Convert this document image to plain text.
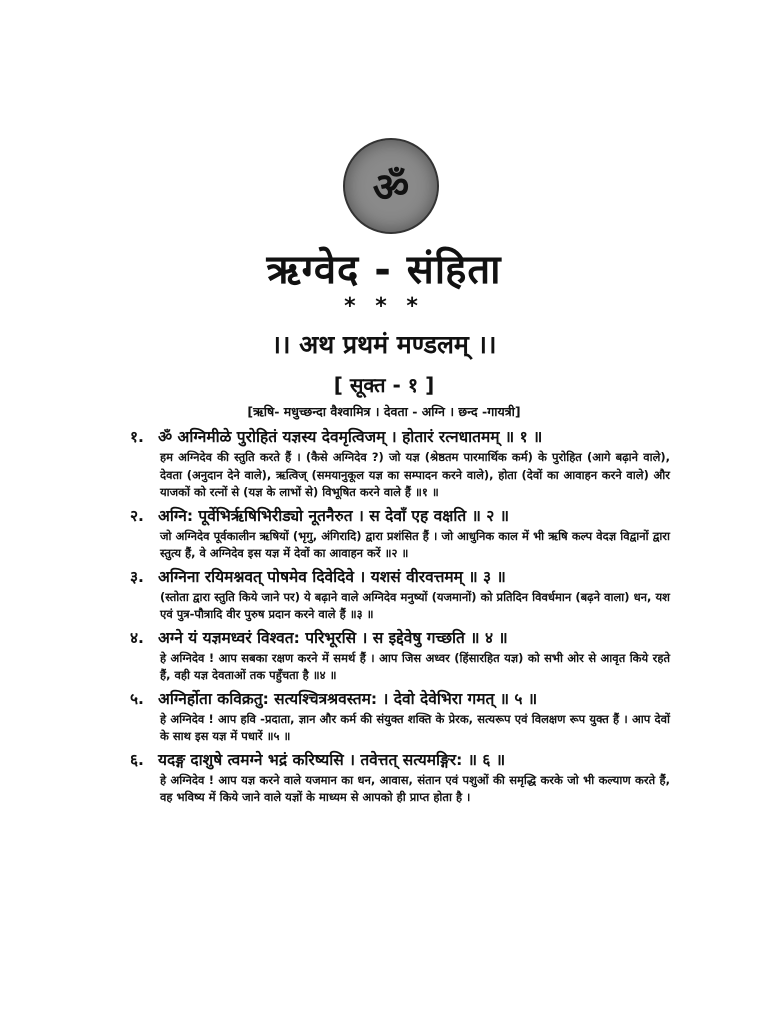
ॐ
ऋग्वेद - संहिता
* * *
।। अथ प्रथमं मण्डलम् ।।
[ सूक्त - १ ]
[ऋषि- मधुच्छन्दा वैश्वामित्र । देवता - अग्नि । छन्द -गायत्री]
१. ॐ अग्निमीळे पुरोहितं यज्ञस्य देवमृत्विजम् । होतारं रत्नधातमम् ॥ १ ॥

हम अग्निदेव की स्तुति करते हैं । (कैसे अग्निदेव ?) जो यज्ञ (श्रेष्ठतम पारमार्थिक कर्म) के पुरोहित (आगे बढ़ाने वाले), देवता (अनुदान देने वाले), ऋत्विज् (समयानुकूल यज्ञ का सम्पादन करने वाले), होता (देवों का आवाहन करने वाले) और याजकों को रत्नों से (यज्ञ के लाभों से) विभूषित करने वाले हैं ॥१ ॥

२. अग्नि: पूर्वेभिर्ऋषिभिरीड्यो नूतनैरुत । स देवाँ एह वक्षति ॥ २ ॥

जो अग्निदेव पूर्वकालीन ऋषियों (भृगु, अंगिरादि) द्वारा प्रशंसित हैं । जो आधुनिक काल में भी ऋषि कल्प वेदज्ञ विद्वानों द्वारा स्तुत्य हैं, वे अग्निदेव इस यज्ञ में देवों का आवाहन करें ॥२ ॥

३. अग्निना रयिमश्नवत् पोषमेव दिवेदिवे । यशसं वीरवत्तमम् ॥ ३ ॥

(स्तोता द्वारा स्तुति किये जाने पर) ये बढ़ाने वाले अग्निदेव मनुष्यों (यजमानों) को प्रतिदिन विवर्धमान (बढ़ने वाला) धन, यश एवं पुत्र-पौत्रादि वीर पुरुष प्रदान करने वाले हैं ॥३ ॥

४. अग्ने यं यज्ञमध्वरं विश्वत: परिभूरसि । स इद्देवेषु गच्छति ॥ ४ ॥

हे अग्निदेव ! आप सबका रक्षण करने में समर्थ हैं । आप जिस अध्वर (हिंसारहित यज्ञ) को सभी ओर से आवृत किये रहते हैं, वही यज्ञ देवताओं तक पहुँचता है ॥४ ॥

५. अग्निर्होता कविक्रतु: सत्यश्चित्रश्रवस्तम: । देवो देवेभिरा गमत् ॥ ५ ॥

हे अग्निदेव ! आप हवि -प्रदाता, ज्ञान और कर्म की संयुक्त शक्ति के प्रेरक, सत्यरूप एवं विलक्षण रूप युक्त हैं । आप देवों के साथ इस यज्ञ में पधारें ॥५ ॥

६. यदङ्ग दाशुषे त्वमग्ने भद्रं करिष्यसि । तवेत्तत् सत्यमङ्गिर: ॥ ६ ॥

हे अग्निदेव ! आप यज्ञ करने वाले यजमान का धन, आवास, संतान एवं पशुओं की समृद्धि करके जो भी कल्याण करते हैं, वह भविष्य में किये जाने वाले यज्ञों के माध्यम से आपको ही प्राप्त होता है ।
